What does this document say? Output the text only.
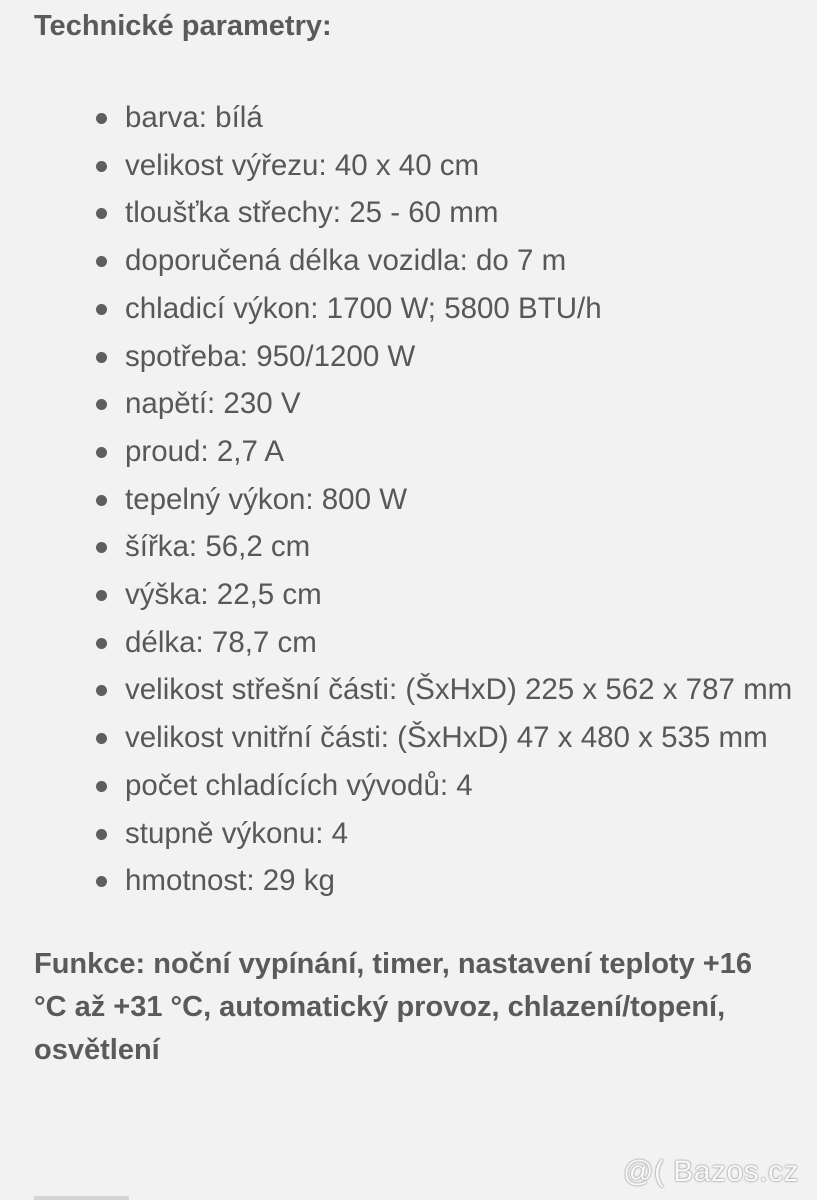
Technické parametry:
barva: bílá
velikost výřezu: 40 x 40 cm
tloušťka střechy: 25 - 60 mm
doporučená délka vozidla: do 7 m
chladicí výkon: 1700 W; 5800 BTU/h
spotřeba: 950/1200 W
napětí: 230 V
proud: 2,7 A
tepelný výkon: 800 W
šířka: 56,2 cm
výška: 22,5 cm
délka: 78,7 cm
velikost střešní části: (ŠxHxD) 225 x 562 x 787 mm
velikost vnitřní části: (ŠxHxD) 47 x 480 x 535 mm
počet chladících vývodů: 4
stupně výkonu: 4
hmotnost: 29 kg
Funkce: noční vypínání, timer, nastavení teploty +16 °C až +31 °C, automatický provoz, chlazení/topení, osvětlení
@( Bazos.cz
